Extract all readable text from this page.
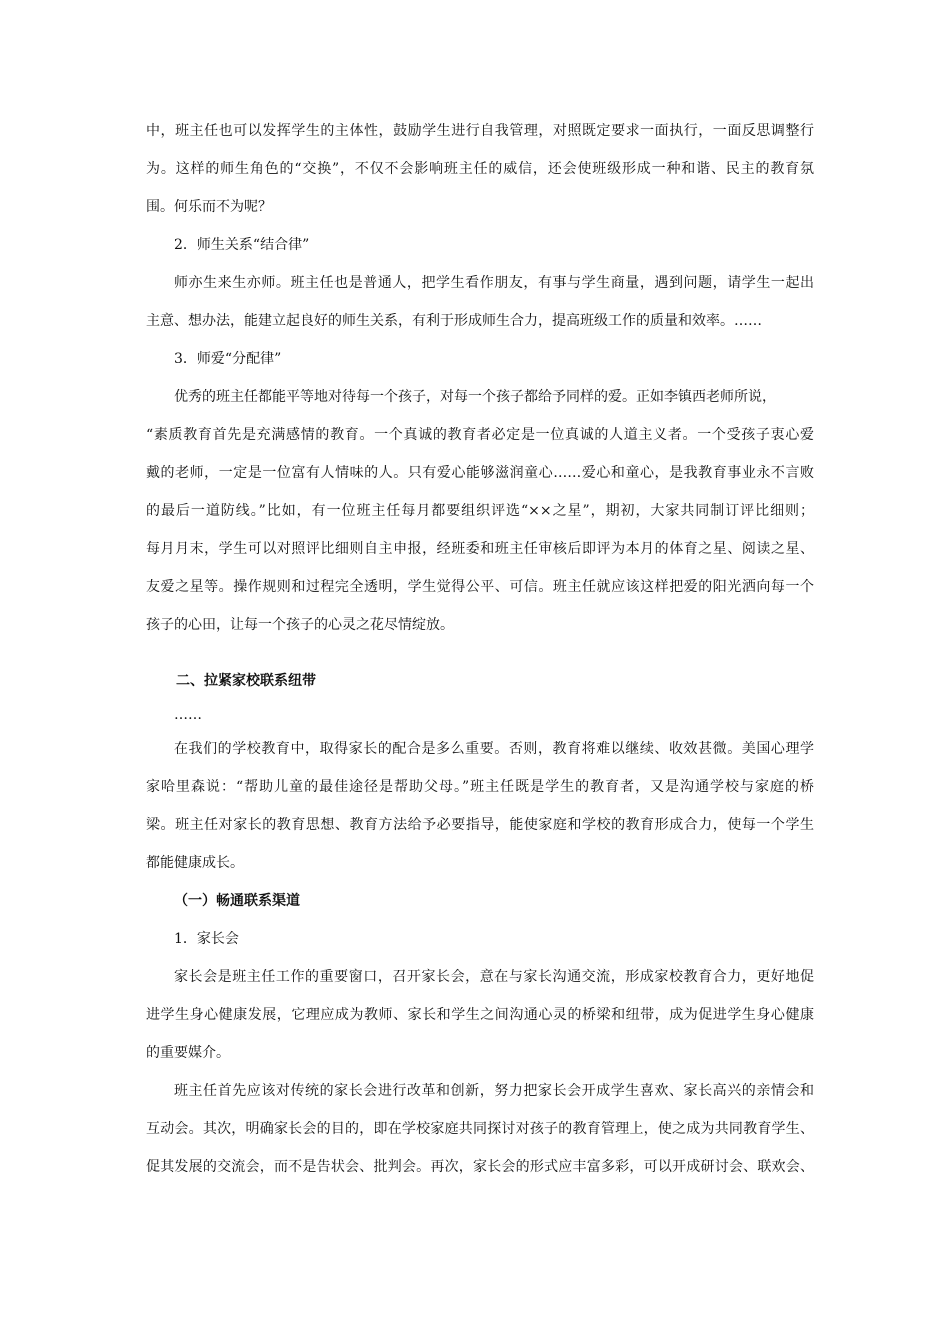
中，班主任也可以发挥学生的主体性，鼓励学生进行自我管理，对照既定要求一面执行，一面反思调整行
为。这样的师生角色的“交换”，不仅不会影响班主任的威信，还会使班级形成一种和谐、民主的教育氛
围。何乐而不为呢？
2．师生关系“结合律”
师亦生来生亦师。班主任也是普通人，把学生看作朋友，有事与学生商量，遇到问题，请学生一起出
主意、想办法，能建立起良好的师生关系，有利于形成师生合力，提高班级工作的质量和效率。……
3．师爱“分配律”
优秀的班主任都能平等地对待每一个孩子，对每一个孩子都给予同样的爱。正如李镇西老师所说，
“素质教育首先是充满感情的教育。一个真诚的教育者必定是一位真诚的人道主义者。一个受孩子衷心爱
戴的老师，一定是一位富有人情味的人。只有爱心能够滋润童心……爱心和童心，是我教育事业永不言败
的最后一道防线。”比如，有一位班主任每月都要组织评选“××之星”，期初，大家共同制订评比细则；
每月月末，学生可以对照评比细则自主申报，经班委和班主任审核后即评为本月的体育之星、阅读之星、
友爱之星等。操作规则和过程完全透明，学生觉得公平、可信。班主任就应该这样把爱的阳光洒向每一个
孩子的心田，让每一个孩子的心灵之花尽情绽放。
二、拉紧家校联系纽带
……
在我们的学校教育中，取得家长的配合是多么重要。否则，教育将难以继续、收效甚微。美国心理学
家哈里森说：“帮助儿童的最佳途径是帮助父母。”班主任既是学生的教育者，又是沟通学校与家庭的桥
梁。班主任对家长的教育思想、教育方法给予必要指导，能使家庭和学校的教育形成合力，使每一个学生
都能健康成长。
（一）畅通联系渠道
1．家长会
家长会是班主任工作的重要窗口，召开家长会，意在与家长沟通交流，形成家校教育合力，更好地促
进学生身心健康发展，它理应成为教师、家长和学生之间沟通心灵的桥梁和纽带，成为促进学生身心健康
的重要媒介。
班主任首先应该对传统的家长会进行改革和创新，努力把家长会开成学生喜欢、家长高兴的亲情会和
互动会。其次，明确家长会的目的，即在学校家庭共同探讨对孩子的教育管理上，使之成为共同教育学生、
促其发展的交流会，而不是告状会、批判会。再次，家长会的形式应丰富多彩，可以开成研讨会、联欢会、
